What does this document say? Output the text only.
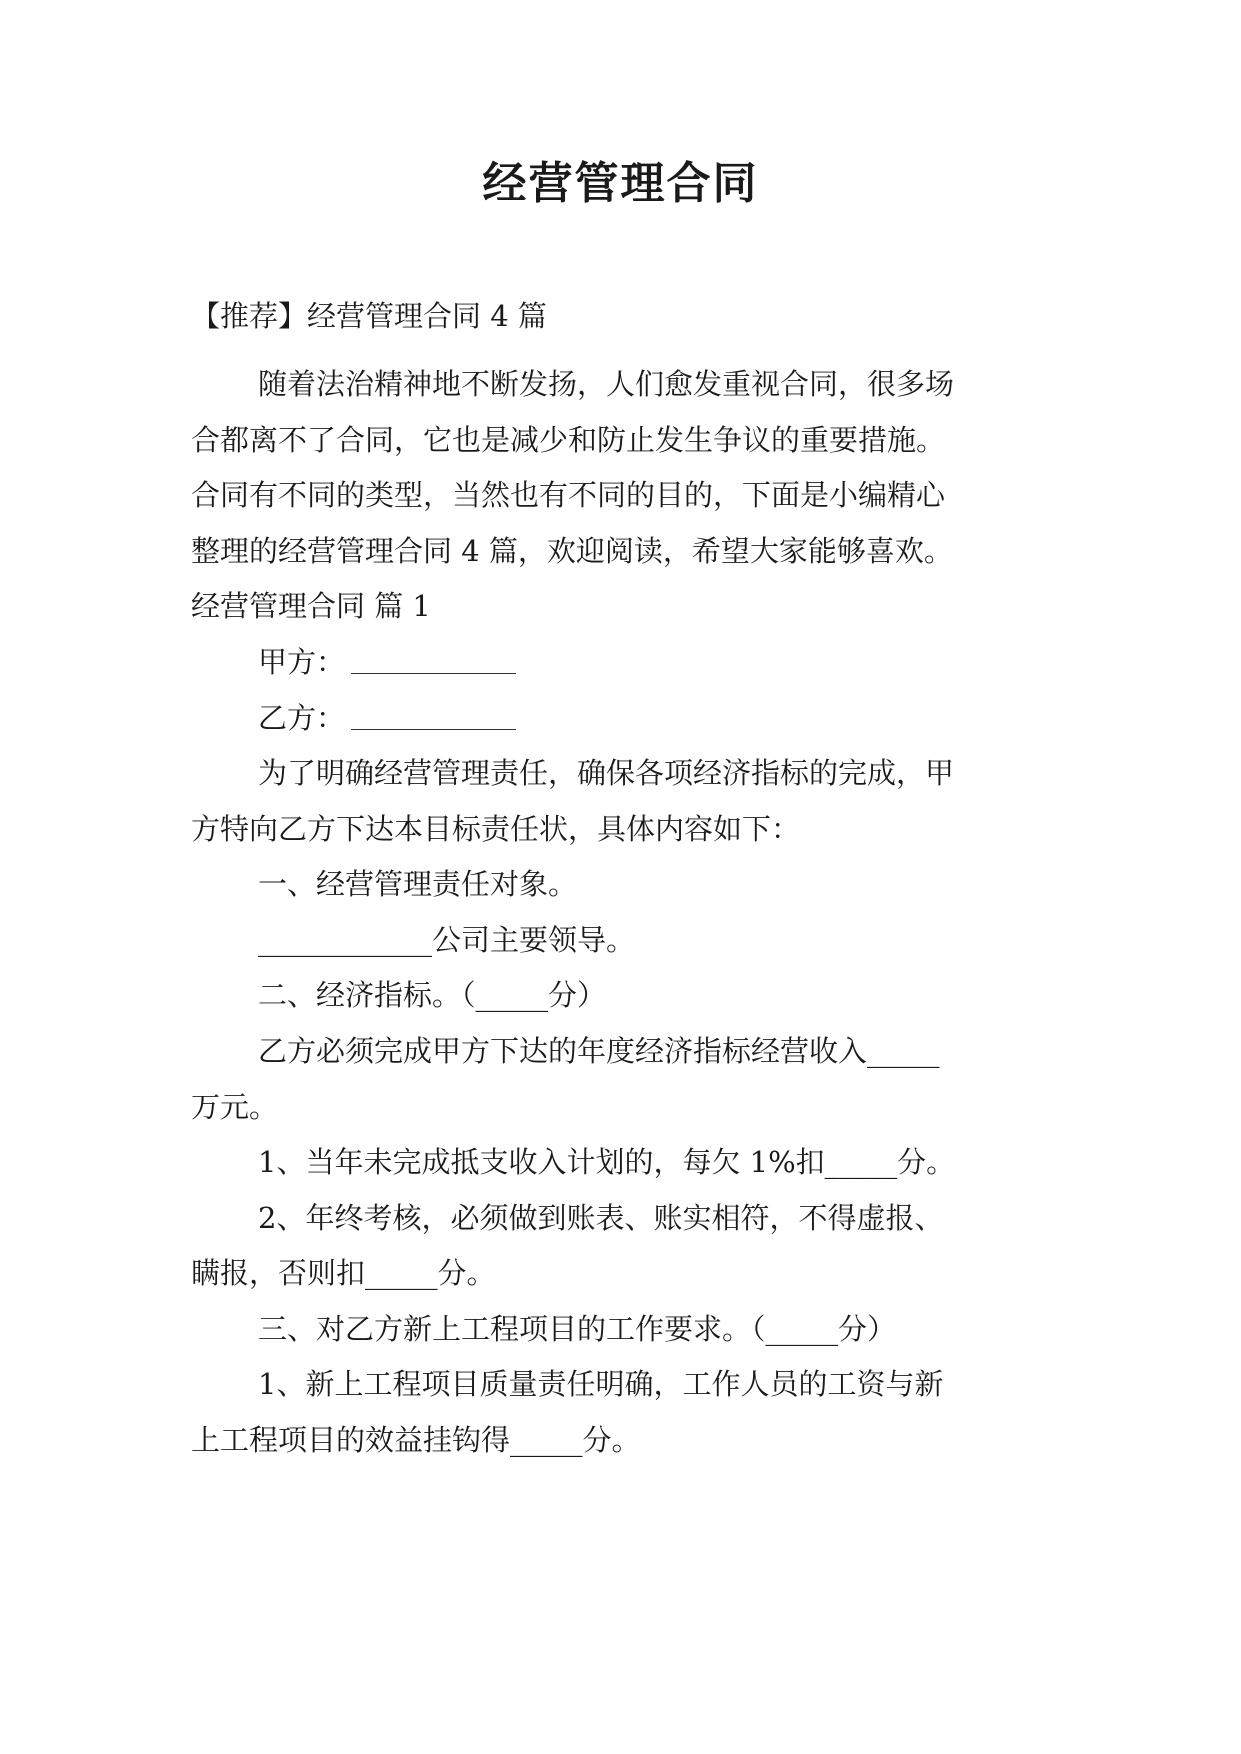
经营管理合同
【推荐】经营管理合同 4 篇
随着法治精神地不断发扬，人们愈发重视合同，很多场
合都离不了合同，它也是减少和防止发生争议的重要措施。
合同有不同的类型，当然也有不同的目的，下面是小编精心
整理的经营管理合同 4 篇，欢迎阅读，希望大家能够喜欢。
经营管理合同 篇 1
甲方：
乙方：
为了明确经营管理责任，确保各项经济指标的完成，甲
方特向乙方下达本目标责任状，具体内容如下：
一、经营管理责任对象。
____________公司主要领导。
二、经济指标。（_____分）
乙方必须完成甲方下达的年度经济指标经营收入_____
万元。
1、当年未完成抵支收入计划的，每欠 1%扣_____分。
2、年终考核，必须做到账表、账实相符，不得虚报、
瞒报，否则扣_____分。
三、对乙方新上工程项目的工作要求。（_____分）
1、新上工程项目质量责任明确，工作人员的工资与新
上工程项目的效益挂钩得_____分。
